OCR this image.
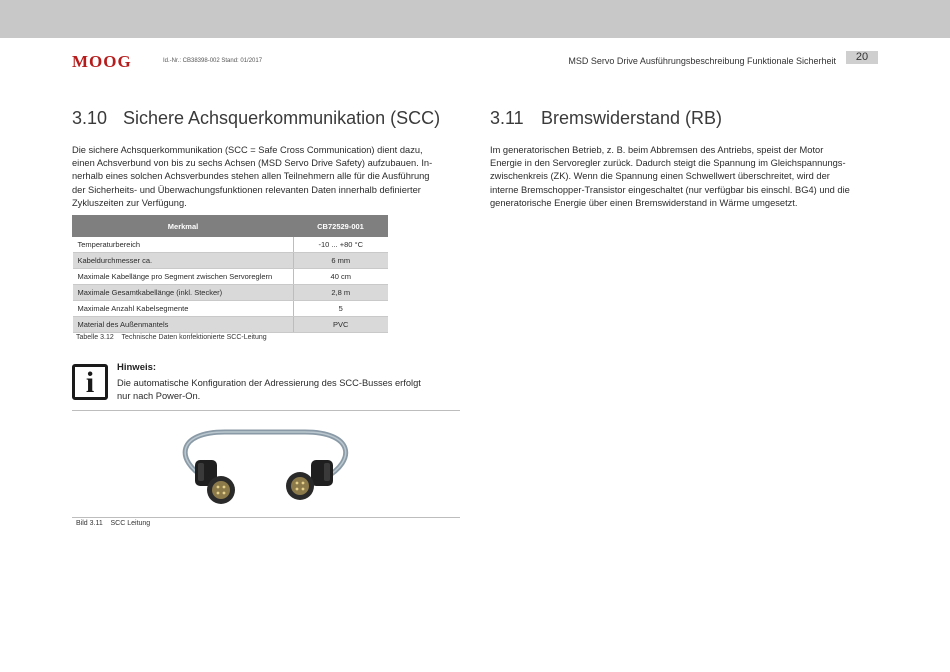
MOOG	Id.-Nr.: CB38398-002 Stand: 01/2017	MSD Servo Drive Ausführungsbeschreibung Funktionale Sicherheit	20
3.10 Sichere Achsquerkommunikation (SCC)

Die sichere Achsquerkommunikation (SCC = Safe Cross Communication) dient dazu,
einen Achsverbund von bis zu sechs Achsen (MSD Servo Drive Safety) aufzubauen. In-
nerhalb eines solchen Achsverbundes stehen allen Teilnehmern alle für die Ausführung
der Sicherheits- und Überwachungsfunktionen relevanten Daten innerhalb definierter
Zykluszeiten zur Verfügung.

Merkmal	CB72529-001
Temperaturbereich	-10 ... +80 °C
Kabeldurchmesser ca.	6 mm
Maximale Kabellänge pro Segment zwischen Servoreglern	40 cm
Maximale Gesamtkabellänge (inkl. Stecker)	2,8 m
Maximale Anzahl Kabelsegmente	5
Material des Außenmantels	PVC
Tabelle 3.12 Technische Daten konfektionierte SCC-Leitung
i	Hinweis:
Die automatische Konfiguration der Adressierung des SCC-Busses erfolgt
nur nach Power-On.
Bild 3.11 SCC Leitung
3.11 Bremswiderstand (RB)

Im generatorischen Betrieb, z. B. beim Abbremsen des Antriebs, speist der Motor
Energie in den Servoregler zurück. Dadurch steigt die Spannung im Gleichspannungs-
zwischenkreis (ZK). Wenn die Spannung einen Schwellwert überschreitet, wird der
interne Bremschopper-Transistor eingeschaltet (nur verfügbar bis einschl. BG4) und die
generatorische Energie über einen Bremswiderstand in Wärme umgesetzt.
